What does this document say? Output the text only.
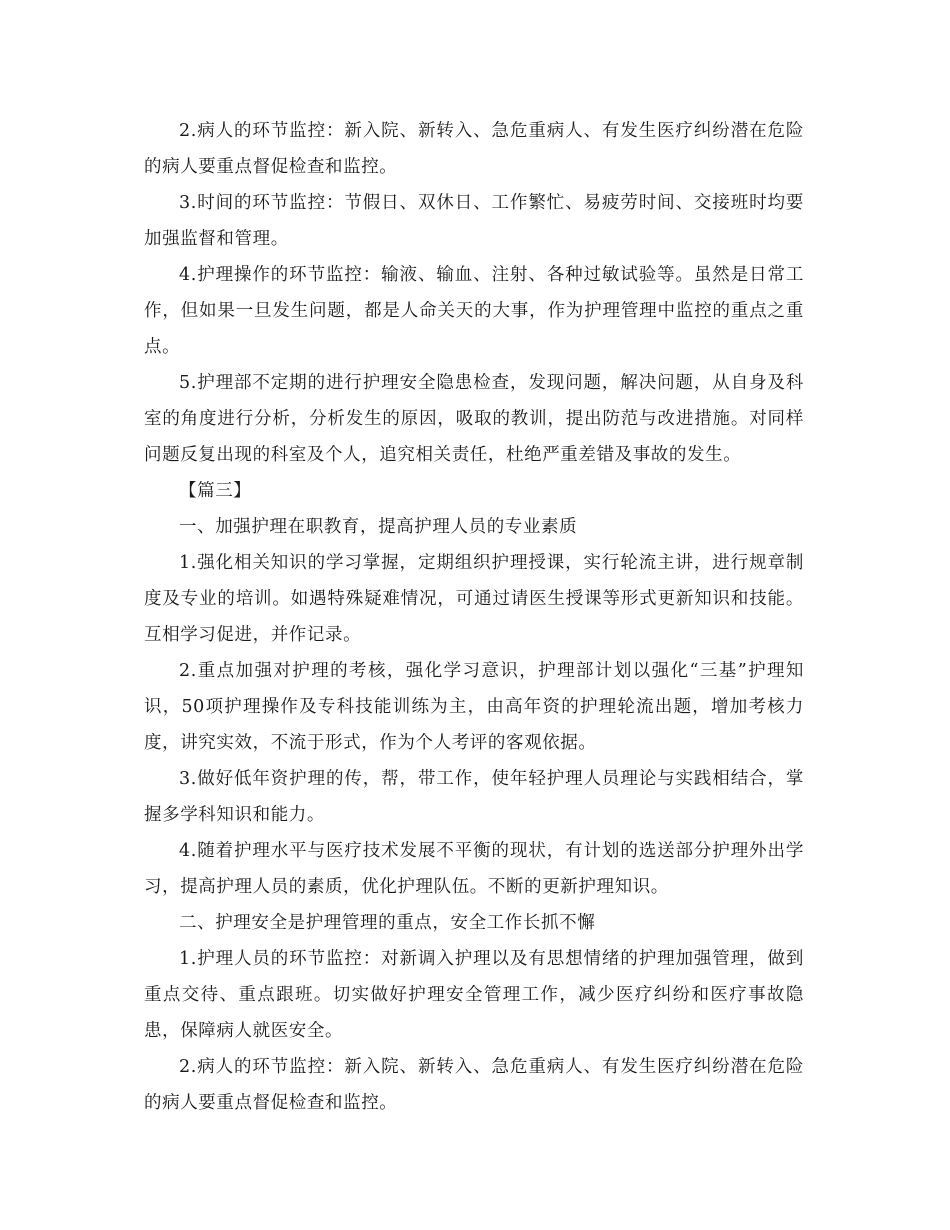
2.病人的环节监控：新入院、新转入、急危重病人、有发生医疗纠纷潜在危险的病人要重点督促检查和监控。

3.时间的环节监控：节假日、双休日、工作繁忙、易疲劳时间、交接班时均要加强监督和管理。

4.护理操作的环节监控：输液、输血、注射、各种过敏试验等。虽然是日常工作，但如果一旦发生问题，都是人命关天的大事，作为护理管理中监控的重点之重点。

5.护理部不定期的进行护理安全隐患检查，发现问题，解决问题，从自身及科室的角度进行分析，分析发生的原因，吸取的教训，提出防范与改进措施。对同样问题反复出现的科室及个人，追究相关责任，杜绝严重差错及事故的发生。

【篇三】

一、加强护理在职教育，提高护理人员的专业素质

1.强化相关知识的学习掌握，定期组织护理授课，实行轮流主讲，进行规章制度及专业的培训。如遇特殊疑难情况，可通过请医生授课等形式更新知识和技能。互相学习促进，并作记录。

2.重点加强对护理的考核，强化学习意识，护理部计划以强化“三基”护理知识，50项护理操作及专科技能训练为主，由高年资的护理轮流出题，增加考核力度，讲究实效，不流于形式，作为个人考评的客观依据。

3.做好低年资护理的传，帮，带工作，使年轻护理人员理论与实践相结合，掌握多学科知识和能力。

4.随着护理水平与医疗技术发展不平衡的现状，有计划的选送部分护理外出学习，提高护理人员的素质，优化护理队伍。不断的更新护理知识。

二、护理安全是护理管理的重点，安全工作长抓不懈

1.护理人员的环节监控：对新调入护理以及有思想情绪的护理加强管理，做到重点交待、重点跟班。切实做好护理安全管理工作，减少医疗纠纷和医疗事故隐患，保障病人就医安全。

2.病人的环节监控：新入院、新转入、急危重病人、有发生医疗纠纷潜在危险的病人要重点督促检查和监控。
